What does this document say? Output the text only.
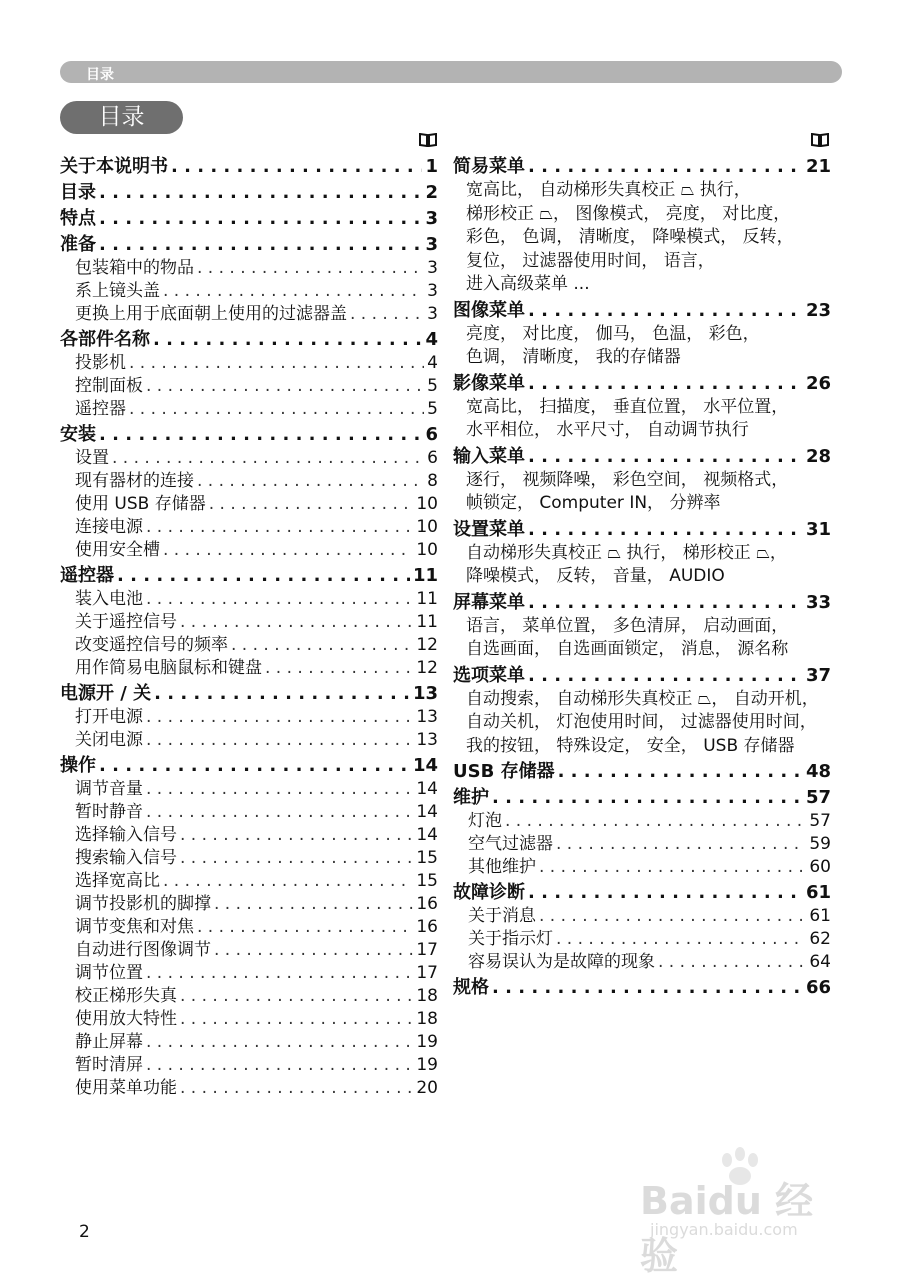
目录
目录
关于本说明书 . . .	1
目录 . . .	2
特点 . . .	3
准备 . . .	3
包装箱中的物品 . . .	3
系上镜头盖 . . .	3
更换上用于底面朝上使用的过滤器盖 . . .	3
各部件名称 . . .	4
投影机 . . .	4
控制面板 . . .	5
遥控器 . . .	5
安装 . . .	6
设置 . . .	6
现有器材的连接 . . .	8
使用 USB 存储器 . . .	10
连接电源 . . .	10
使用安全槽 . . .	10
遥控器 . . .	11
装入电池 . . .	11
关于遥控信号 . . .	11
改变遥控信号的频率 . . .	12
用作简易电脑鼠标和键盘 . . .	12
电源开 / 关 . . .	13
打开电源 . . .	13
关闭电源 . . .	13
操作 . . .	14
调节音量 . . .	14
暂时静音 . . .	14
选择输入信号 . . .	14
搜索输入信号 . . .	15
选择宽高比 . . .	15
调节投影机的脚撑 . . .	16
调节变焦和对焦 . . .	16
自动进行图像调节 . . .	17
调节位置 . . .	17
校正梯形失真 . . .	18
使用放大特性 . . .	18
静止屏幕 . . .	19
暂时清屏 . . .	19
使用菜单功能 . . .	20
简易菜单 . . .	21
宽高比， 自动梯形失真校正 ⏢ 执行，
梯形校正 ⏢， 图像模式， 亮度， 对比度，
彩色， 色调， 清晰度， 降噪模式， 反转，
复位， 过滤器使用时间， 语言，
进入高级菜单 ...
图像菜单 . . .	23
亮度， 对比度， 伽马， 色温， 彩色，
色调， 清晰度， 我的存储器
影像菜单 . . .	26
宽高比， 扫描度， 垂直位置， 水平位置，
水平相位， 水平尺寸， 自动调节执行
输入菜单 . . .	28
逐行， 视频降噪， 彩色空间， 视频格式，
帧锁定， Computer IN， 分辨率
设置菜单 . . .	31
自动梯形失真校正 ⏢ 执行， 梯形校正 ⏢，
降噪模式， 反转， 音量， AUDIO
屏幕菜单 . . .	33
语言， 菜单位置， 多色清屏， 启动画面，
自选画面， 自选画面锁定， 消息， 源名称
选项菜单 . . .	37
自动搜索， 自动梯形失真校正 ⏢， 自动开机，
自动关机， 灯泡使用时间， 过滤器使用时间，
我的按钮， 特殊设定， 安全， USB 存储器
USB 存储器 . . .	48
维护 . . .	57
灯泡 . . .	57
空气过滤器 . . .	59
其他维护 . . .	60
故障诊断 . . .	61
关于消息 . . .	61
关于指示灯 . . .	62
容易误认为是故障的现象 . . .	64
规格 . . .	66
2
Baidu 经验
jingyan.baidu.com
